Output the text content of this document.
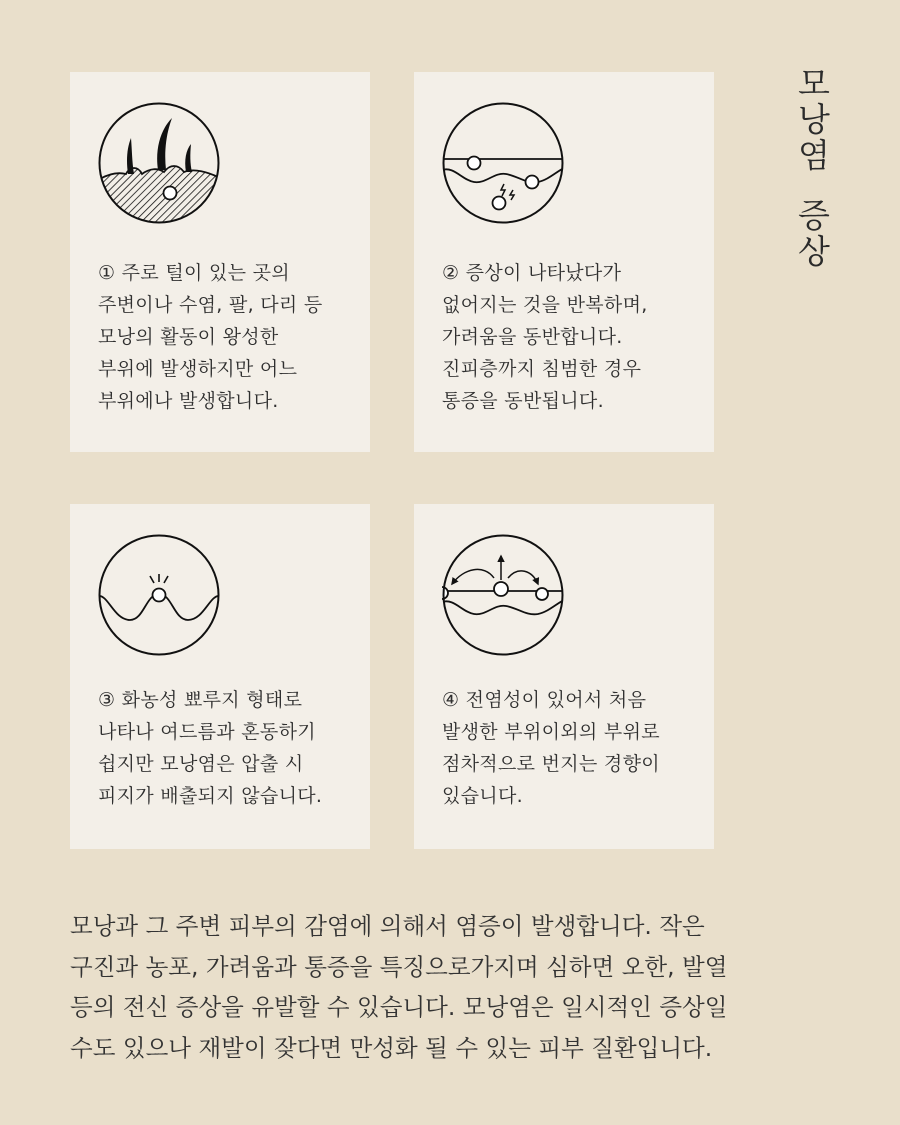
모
낭
염
증
상
① 주로 털이 있는 곳의
주변이나 수염, 팔, 다리 등
모낭의 활동이 왕성한
부위에 발생하지만 어느
부위에나 발생합니다.
② 증상이 나타났다가
없어지는 것을 반복하며,
가려움을 동반합니다.
진피층까지 침범한 경우
통증을 동반됩니다.
③ 화농성 뾰루지 형태로
나타나 여드름과 혼동하기
쉽지만 모낭염은 압출 시
피지가 배출되지 않습니다.
④ 전염성이 있어서 처음
발생한 부위이외의 부위로
점차적으로 번지는 경향이
있습니다.
모낭과 그 주변 피부의 감염에 의해서 염증이 발생합니다. 작은
구진과 농포, 가려움과 통증을 특징으로가지며 심하면 오한, 발열
등의 전신 증상을 유발할 수 있습니다. 모낭염은 일시적인 증상일
수도 있으나 재발이 잦다면 만성화 될 수 있는 피부 질환입니다.
